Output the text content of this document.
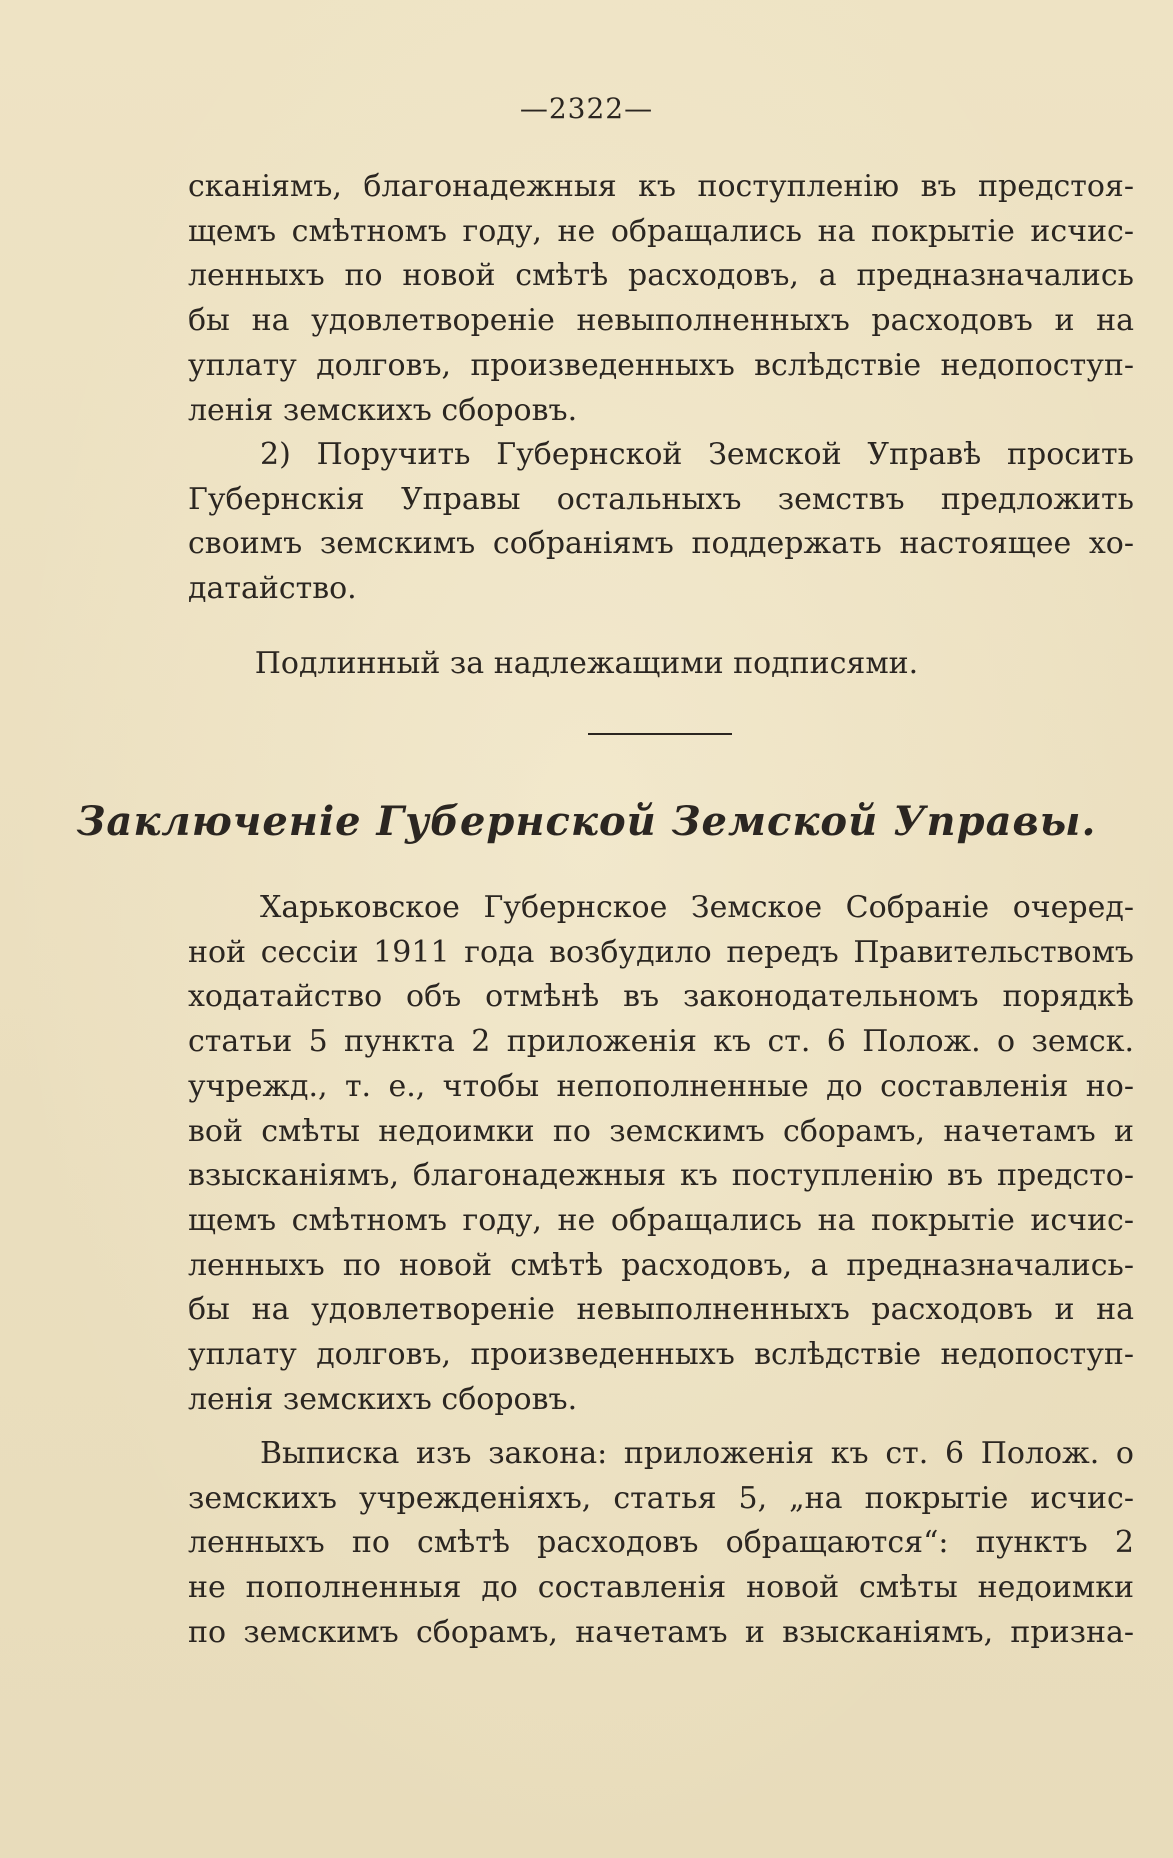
—2322—
сканіямъ, благонадежныя къ поступленію въ предстоя-
щемъ смѣтномъ году, не обращались на покрытіе исчис-
ленныхъ по новой смѣтѣ расходовъ, а предназначались
бы на удовлетвореніе невыполненныхъ расходовъ и на
уплату долговъ, произведенныхъ вслѣдствіе недопоступ-
ленія земскихъ сборовъ.
2) Поручить Губернской Земской Управѣ просить
Губернскія Управы остальныхъ земствъ предложить
своимъ земскимъ собраніямъ поддержать настоящее хо-
датайство.
Подлинный за надлежащими подписями.
Заключеніе Губернской Земской Управы.
Харьковское Губернское Земское Собраніе очеред-
ной сессіи 1911 года возбудило передъ Правительствомъ
ходатайство объ отмѣнѣ въ законодательномъ порядкѣ
статьи 5 пункта 2 приложенія къ ст. 6 Полож. о земск.
учрежд., т. е., чтобы непополненные до составленія но-
вой смѣты недоимки по земскимъ сборамъ, начетамъ и
взысканіямъ, благонадежныя къ поступленію въ предсто-
щемъ смѣтномъ году, не обращались на покрытіе исчис-
ленныхъ по новой смѣтѣ расходовъ, а предназначались-
бы на удовлетвореніе невыполненныхъ расходовъ и на
уплату долговъ, произведенныхъ вслѣдствіе недопоступ-
ленія земскихъ сборовъ.
Выписка изъ закона: приложенія къ ст. 6 Полож. о
земскихъ учрежденіяхъ, статья 5, „на покрытіе исчис-
ленныхъ по смѣтѣ расходовъ обращаются“: пунктъ 2
не пополненныя до составленія новой смѣты недоимки
по земскимъ сборамъ, начетамъ и взысканіямъ, призна-
